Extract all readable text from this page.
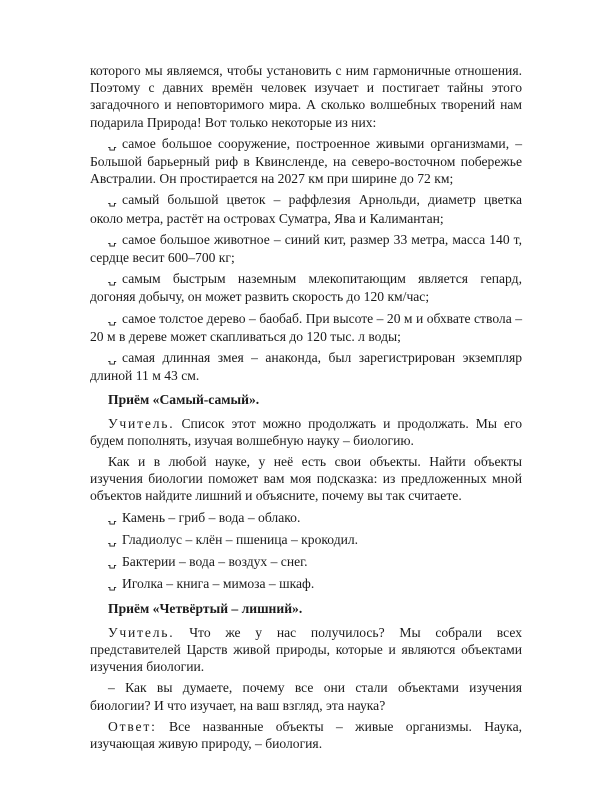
которого мы являемся, чтобы установить с ним гармоничные отношения. Поэтому с давних времён человек изучает и постигает тайны этого загадочного и неповторимого мира. А сколько волшебных творений нам подарила Природа! Вот только некоторые из них:

⍽ самое большое сооружение, построенное живыми организмами, – Большой барьерный риф в Квинсленде, на северо-восточном побережье Австралии. Он простирается на 2027 км при ширине до 72 км;

⍽ самый большой цветок – раффлезия Арнольди, диаметр цветка около метра, растёт на островах Суматра, Ява и Калимантан;

⍽ самое большое животное – синий кит, размер 33 метра, масса 140 т, сердце весит 600–700 кг;

⍽ самым быстрым наземным млекопитающим является гепард, догоняя добычу, он может развить скорость до 120 км/час;

⍽ самое толстое дерево – баобаб. При высоте – 20 м и обхвате ствола – 20 м в дереве может скапливаться до 120 тыс. л воды;

⍽ самая длинная змея – анаконда, был зарегистрирован экземпляр длиной 11 м 43 см.

Приём «Самый-самый».

Учитель. Список этот можно продолжать и продолжать. Мы его будем пополнять, изучая волшебную науку – биологию.

Как и в любой науке, у неё есть свои объекты. Найти объекты изучения биологии поможет вам моя подсказка: из предложенных мной объектов найдите лишний и объясните, почему вы так считаете.

⍽ Камень – гриб – вода – облако.

⍽ Гладиолус – клён – пшеница – крокодил.

⍽ Бактерии – вода – воздух – снег.

⍽ Иголка – книга – мимоза – шкаф.

Приём «Четвёртый – лишний».

Учитель. Что же у нас получилось? Мы собрали всех представителей Царств живой природы, которые и являются объектами изучения биологии.

– Как вы думаете, почему все они стали объектами изучения биологии? И что изучает, на ваш взгляд, эта наука?

Ответ: Все названные объекты – живые организмы. Наука, изучающая живую природу, – биология.
